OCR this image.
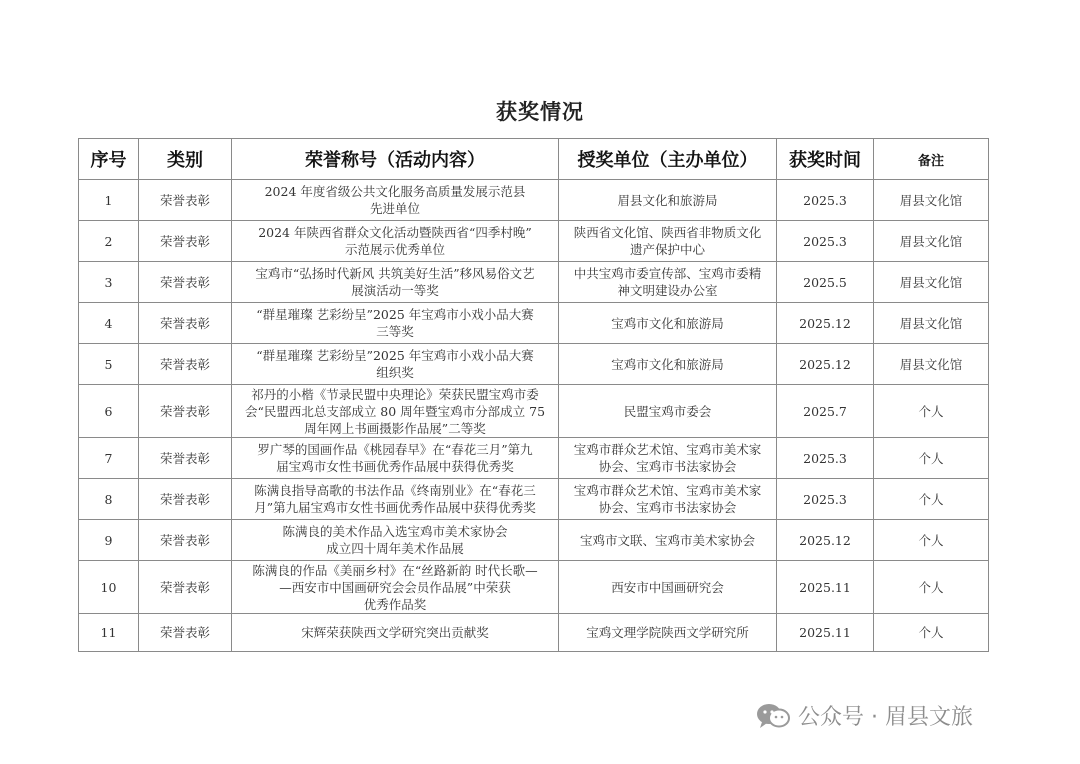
获奖情况
序号	类别	荣誉称号（活动内容）	授奖单位（主办单位）	获奖时间	备注
1	荣誉表彰	2024 年度省级公共文化服务高质量发展示范县
先进单位	眉县文化和旅游局	2025.3	眉县文化馆
2	荣誉表彰	2024 年陕西省群众文化活动暨陕西省“四季村晚”
示范展示优秀单位	陕西省文化馆、陕西省非物质文化
遗产保护中心	2025.3	眉县文化馆
3	荣誉表彰	宝鸡市“弘扬时代新风 共筑美好生活”移风易俗文艺
展演活动一等奖	中共宝鸡市委宣传部、宝鸡市委精
神文明建设办公室	2025.5	眉县文化馆
4	荣誉表彰	“群星璀璨 艺彩纷呈”2025 年宝鸡市小戏小品大赛
三等奖	宝鸡市文化和旅游局	2025.12	眉县文化馆
5	荣誉表彰	“群星璀璨 艺彩纷呈”2025 年宝鸡市小戏小品大赛
组织奖	宝鸡市文化和旅游局	2025.12	眉县文化馆
6	荣誉表彰	祁丹的小楷《节录民盟中央理论》荣获民盟宝鸡市委
会“民盟西北总支部成立 80 周年暨宝鸡市分部成立 75
周年网上书画摄影作品展”二等奖	民盟宝鸡市委会	2025.7	个人
7	荣誉表彰	罗广琴的国画作品《桃园春早》在“春花三月”第九
届宝鸡市女性书画优秀作品展中获得优秀奖	宝鸡市群众艺术馆、宝鸡市美术家
协会、宝鸡市书法家协会	2025.3	个人
8	荣誉表彰	陈满良指导高歌的书法作品《终南别业》在“春花三
月”第九届宝鸡市女性书画优秀作品展中获得优秀奖	宝鸡市群众艺术馆、宝鸡市美术家
协会、宝鸡市书法家协会	2025.3	个人
9	荣誉表彰	陈满良的美术作品入选宝鸡市美术家协会
成立四十周年美术作品展	宝鸡市文联、宝鸡市美术家协会	2025.12	个人
10	荣誉表彰	陈满良的作品《美丽乡村》在“丝路新韵 时代长歌—
—西安市中国画研究会会员作品展”中荣获
优秀作品奖	西安市中国画研究会	2025.11	个人
11	荣誉表彰	宋辉荣获陕西文学研究突出贡献奖	宝鸡文理学院陕西文学研究所	2025.11	个人
公众号 · 眉县文旅
